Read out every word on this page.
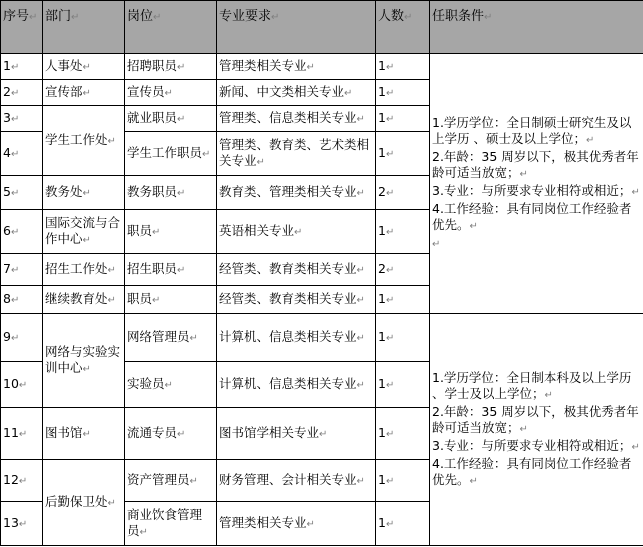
序号↵	部门↵	岗位↵	专业要求↵	人数↵	任职条件↵
1↵	人事处↵	招聘职员↵	管理类相关专业↵	1↵	1.学历学位：全日制硕士研究生及以上学历 、硕士及以上学位；↵

2.年龄：35 周岁以下，极其优秀者年龄可适当放宽；↵

3.专业：与所要求专业相符或相近；↵

4.工作经验：具有同岗位工作经验者优先。↵

↵

2↵	宣传部↵	宣传员↵	新闻、中文类相关专业↵	1↵	
3↵	学生工作处↵	就业职员↵	管理类、信息类相关专业↵	1↵	
4↵		学生工作职员↵	管理类、教育类、艺术类相关专业↵	1↵	
5↵	教务处↵	教务职员↵	教育类、管理类相关专业↵	2↵	
6↵	国际交流与合作中心↵	职员↵	英语相关专业↵	1↵	
7↵	招生工作处↵	招生职员↵	经管类、教育类相关专业↵	2↵	
8↵	继续教育处↵	职员↵	经管类、教育类相关专业↵	1↵	
9↵	网络与实验实训中心↵	网络管理员↵	计算机、信息类相关专业↵	1↵	1.学历学位：全日制本科及以上学历 、学士及以上学位；↵

2.年龄：35 周岁以下，极其优秀者年龄可适当放宽；↵

3.专业：与所要求专业相符或相近；↵

4.工作经验：具有同岗位工作经验者优先。↵

10↵		实验员↵	计算机、信息类相关专业↵	1↵	
11↵	图书馆↵	流通专员↵	图书馆学相关专业↵	1↵	
12↵	后勤保卫处↵	资产管理员↵	财务管理、会计相关专业↵	1↵	
13↵		商业饮食管理员↵	管理类相关专业↵	1↵	
